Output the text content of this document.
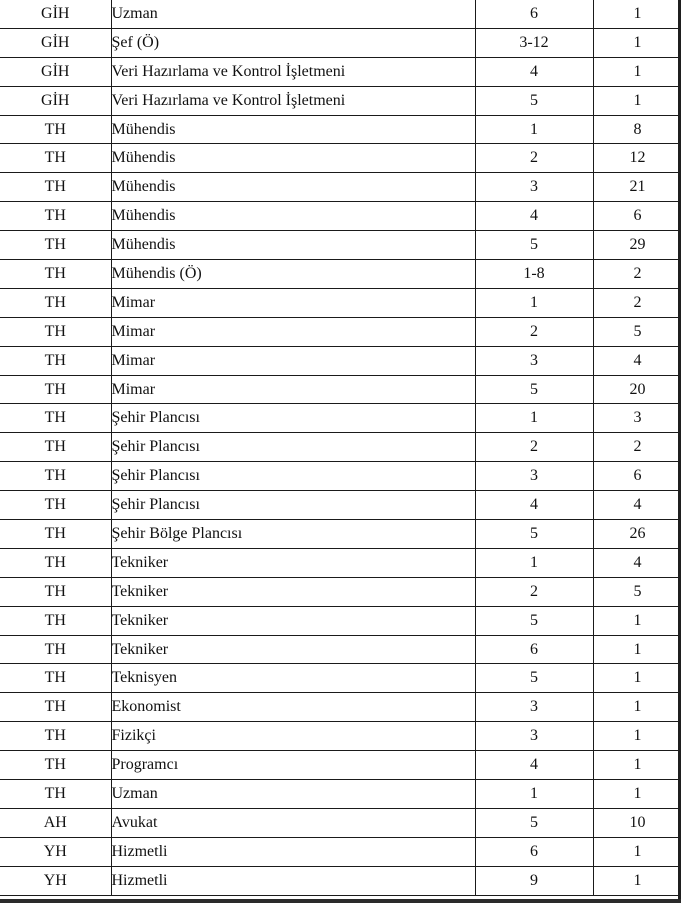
GİH	Uzman	6	1
GİH	Şef (Ö)	3-12	1
GİH	Veri Hazırlama ve Kontrol İşletmeni	4	1
GİH	Veri Hazırlama ve Kontrol İşletmeni	5	1
TH	Mühendis	1	8
TH	Mühendis	2	12
TH	Mühendis	3	21
TH	Mühendis	4	6
TH	Mühendis	5	29
TH	Mühendis (Ö)	1-8	2
TH	Mimar	1	2
TH	Mimar	2	5
TH	Mimar	3	4
TH	Mimar	5	20
TH	Şehir Plancısı	1	3
TH	Şehir Plancısı	2	2
TH	Şehir Plancısı	3	6
TH	Şehir Plancısı	4	4
TH	Şehir Bölge Plancısı	5	26
TH	Tekniker	1	4
TH	Tekniker	2	5
TH	Tekniker	5	1
TH	Tekniker	6	1
TH	Teknisyen	5	1
TH	Ekonomist	3	1
TH	Fizikçi	3	1
TH	Programcı	4	1
TH	Uzman	1	1
AH	Avukat	5	10
YH	Hizmetli	6	1
YH	Hizmetli	9	1
